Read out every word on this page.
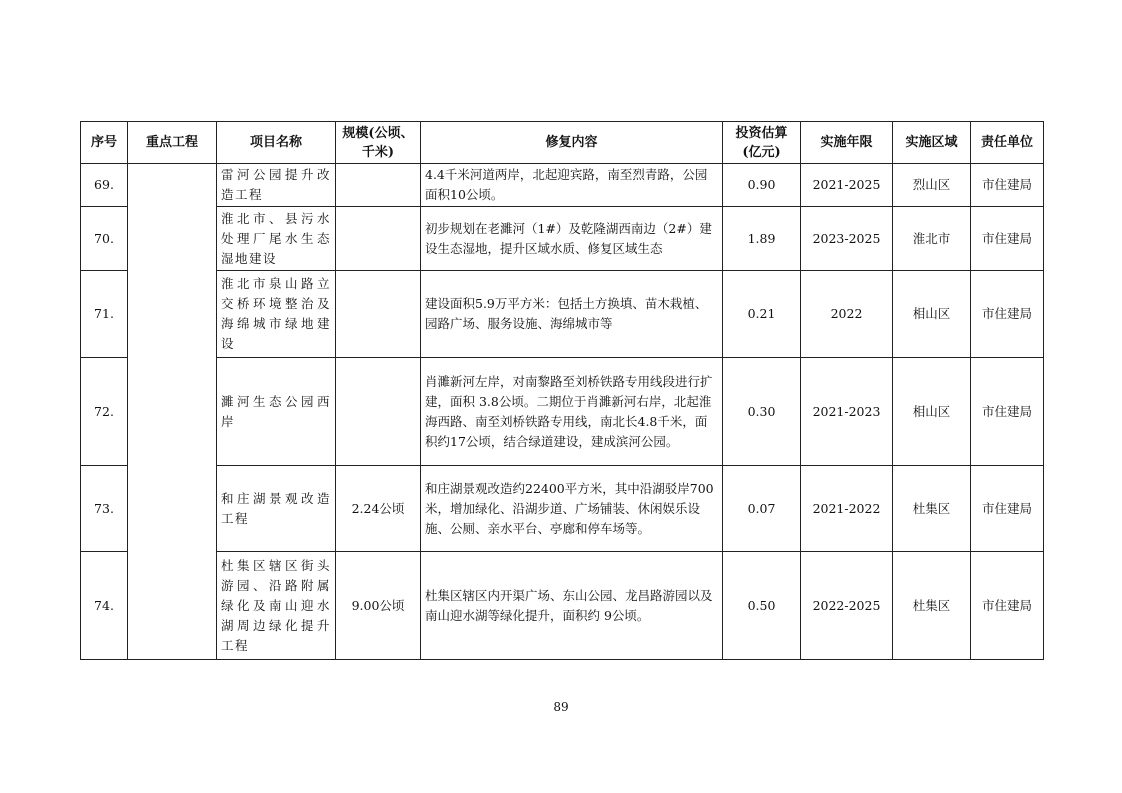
序号	重点工程	项目名称	规模(公顷、千米)	修复内容	投资估算(亿元)	实施年限	实施区域	责任单位
69.		雷河公园提升改造工程		4.4千米河道两岸，北起迎宾路，南至烈青路，公园面积10公顷。	0.90	2021-2025	烈山区	市住建局
70.		淮北市、县污水处理厂尾水生态湿地建设		初步规划在老濉河（1#）及乾隆湖西南边（2#）建设生态湿地，提升区域水质、修复区域生态	1.89	2023-2025	淮北市	市住建局
71.		淮北市泉山路立交桥环境整治及海绵城市绿地建设		建设面积5.9万平方米：包括土方换填、苗木栽植、园路广场、服务设施、海绵城市等	0.21	2022	相山区	市住建局
72.		濉河生态公园西岸		肖濉新河左岸，对南黎路至刘桥铁路专用线段进行扩建，面积 3.8公顷。二期位于肖濉新河右岸，北起淮海西路、南至刘桥铁路专用线，南北长4.8千米，面积约17公顷，结合绿道建设，建成滨河公园。	0.30	2021-2023	相山区	市住建局
73.		和庄湖景观改造工程	2.24公顷	和庄湖景观改造约22400平方米，其中沿湖驳岸700米，增加绿化、沿湖步道、广场铺装、休闲娱乐设施、公厕、亲水平台、亭廊和停车场等。	0.07	2021-2022	杜集区	市住建局
74.		杜集区辖区街头游园、沿路附属绿化及南山迎水湖周边绿化提升工程	9.00公顷	杜集区辖区内开渠广场、东山公园、龙昌路游园以及南山迎水湖等绿化提升，面积约 9公顷。	0.50	2022-2025	杜集区	市住建局
89
